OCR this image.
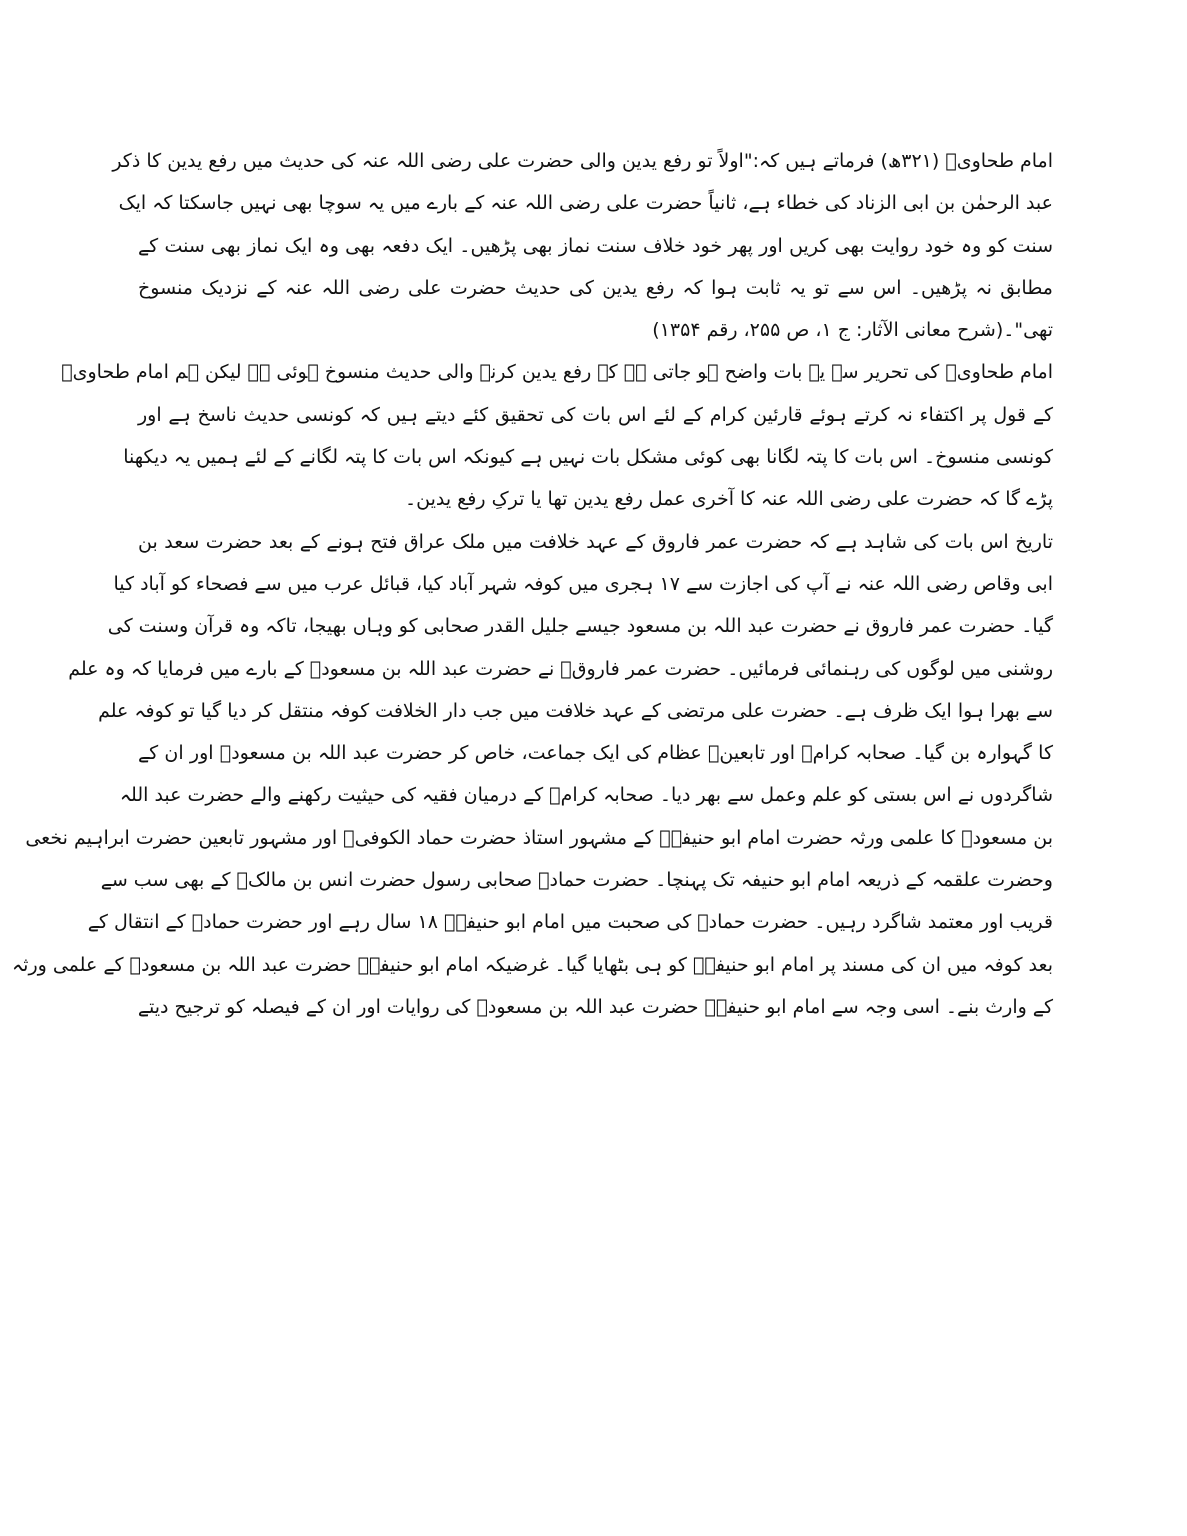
امام طحاویؒ (۳۲۱ھ) فرماتے ہیں کہ:"اولاً تو رفع یدین والی حضرت علی رضی اللہ عنہ کی حدیث میں رفع یدین کا ذکر
عبد الرحمٰن بن ابی الزناد کی خطاء ہے، ثانیاً حضرت علی رضی اللہ عنہ کے بارے میں یہ سوچا بھی نہیں جاسکتا کہ ایک
سنت کو وہ خود روایت بھی کریں اور پھر خود خلاف سنت نماز بھی پڑھیں۔ ایک دفعہ بھی وہ ایک نماز بھی سنت کے
مطابق نہ پڑھیں۔ اس سے تو یہ ثابت ہوا کہ رفع یدین کی حدیث حضرت علی رضی اللہ عنہ کے نزدیک منسوخ
تھی"۔(شرح معانی الآثار: ج ۱، ص ۲۵۵، رقم ۱۳۵۴)
امام طحاویؒ کی تحریر سے یہ بات واضح ہو جاتی ہے کہ رفع یدین کرنے والی حدیث منسوخ ہوئی ہے لیکن ہم امام طحاویؒ
کے قول پر اکتفاء نہ کرتے ہوئے قارئین کرام کے لئے اس بات کی تحقیق کئے دیتے ہیں کہ کونسی حدیث ناسخ ہے اور
کونسی منسوخ۔ اس بات کا پتہ لگانا بھی کوئی مشکل بات نہیں ہے کیونکہ اس بات کا پتہ لگانے کے لئے ہمیں یہ دیکھنا
پڑے گا کہ حضرت علی رضی اللہ عنہ کا آخری عمل رفع یدین تھا یا ترکِ رفع یدین۔
تاریخ اس بات کی شاہد ہے کہ حضرت عمر فاروق کے عہد خلافت میں ملک عراق فتح ہونے کے بعد حضرت سعد بن
ابی وقاص رضی اللہ عنہ نے آپ کی اجازت سے ۱۷ ہجری میں کوفہ شہر آباد کیا، قبائل عرب میں سے فصحاء کو آباد کیا
گیا۔ حضرت عمر فاروق نے حضرت عبد اللہ بن مسعود جیسے جلیل القدر صحابی کو وہاں بھیجا، تاکہ وہ قرآن وسنت کی
روشنی میں لوگوں کی رہنمائی فرمائیں۔ حضرت عمر فاروقؓ نے حضرت عبد اللہ بن مسعودؓ کے بارے میں فرمایا کہ وہ علم
سے بھرا ہوا ایک ظرف ہے۔ حضرت علی مرتضی کے عہد خلافت میں جب دار الخلافت کوفہ منتقل کر دیا گیا تو کوفہ علم
کا گہوارہ بن گیا۔ صحابہ کرامؓ اور تابعینؒ عظام کی ایک جماعت، خاص کر حضرت عبد اللہ بن مسعودؓ اور ان کے
شاگردوں نے اس بستی کو علم وعمل سے بھر دیا۔ صحابہ کرامؓ کے درمیان فقیہ کی حیثیت رکھنے والے حضرت عبد اللہ
بن مسعودؓ کا علمی ورثہ حضرت امام ابو حنیفہؒ کے مشہور استاذ حضرت حماد الکوفیؒ اور مشہور تابعین حضرت ابراہیم نخعی
وحضرت علقمہ کے ذریعہ امام ابو حنیفہ تک پہنچا۔ حضرت حمادؒ صحابی رسول حضرت انس بن مالکؓ کے بھی سب سے
قریب اور معتمد شاگرد رہیں۔ حضرت حمادؒ کی صحبت میں امام ابو حنیفہؒ ۱۸ سال رہے اور حضرت حمادؒ کے انتقال کے
بعد کوفہ میں ان کی مسند پر امام ابو حنیفہؒ کو ہی بٹھایا گیا۔ غرضیکہ امام ابو حنیفہؒ حضرت عبد اللہ بن مسعودؓ کے علمی ورثہ
کے وارث بنے۔ اسی وجہ سے امام ابو حنیفہؒ حضرت عبد اللہ بن مسعودؓ کی روایات اور ان کے فیصلہ کو ترجیح دیتے
